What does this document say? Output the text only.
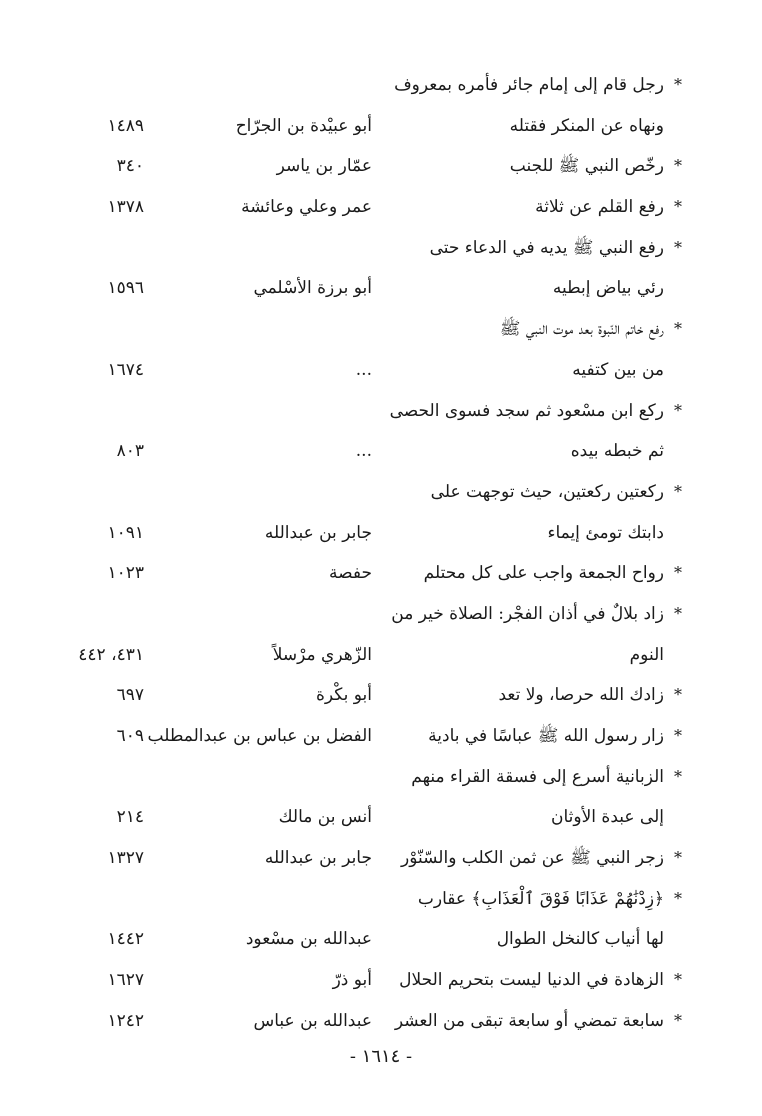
*
رجل قام إلى إمام جائر فأمره بمعروف
ونهاه عن المنكر فقتله
أبو عبيْدة بن الجرّاح
١٤٨٩
*
رخّص النبي ﷺ للجنب
عمّار بن ياسر
٣٤٠
*
رفع القلم عن ثلاثة
عمر وعلي وعائشة
١٣٧٨
*
رفع النبي ﷺ يديه في الدعاء حتى
رئي بياض إبطيه
أبو برزة الأسْلمي
١٥٩٦
*
رفع خاتم النّبوة بعد موت النبي ﷺ
من بين كتفيه
...
١٦٧٤
*
ركع ابن مسْعود ثم سجد فسوى الحصى
ثم خبطه بيده
...
٨٠٣
*
ركعتين ركعتين، حيث توجهت على
دابتك تومئ إيماء
جابر بن عبدالله
١٠٩١
*
رواح الجمعة واجب على كل محتلم
حفصة
١٠٢٣
*
زاد بلالٌ في أذان الفجْر: الصلاة خير من
النوم
الزّهري مرْسلاً
٤٣١، ٤٤٢
*
زادك الله حرصا، ولا تعد
أبو بكْرة
٦٩٧
*
زار رسول الله ﷺ عباسًا في بادية
الفضل بن عباس بن عبدالمطلب
٦٠٩
*
الزبانية أسرع إلى فسقة القراء منهم
إلى عبدة الأوثان
أنس بن مالك
٢١٤
*
زجر النبي ﷺ عن ثمن الكلب والسّنّوْر
جابر بن عبدالله
١٣٢٧
*
﴿زِدْنَٰهُمْ عَذَابًا فَوْقَ ٱلْعَذَابِ﴾ عقارب
لها أنياب كالنخل الطوال
عبدالله بن مسْعود
١٤٤٢
*
الزهادة في الدنيا ليست بتحريم الحلال
أبو ذرّ
١٦٢٧
*
سابعة تمضي أو سابعة تبقى من العشر
عبدالله بن عباس
١٢٤٢
- ١٦١٤ -
